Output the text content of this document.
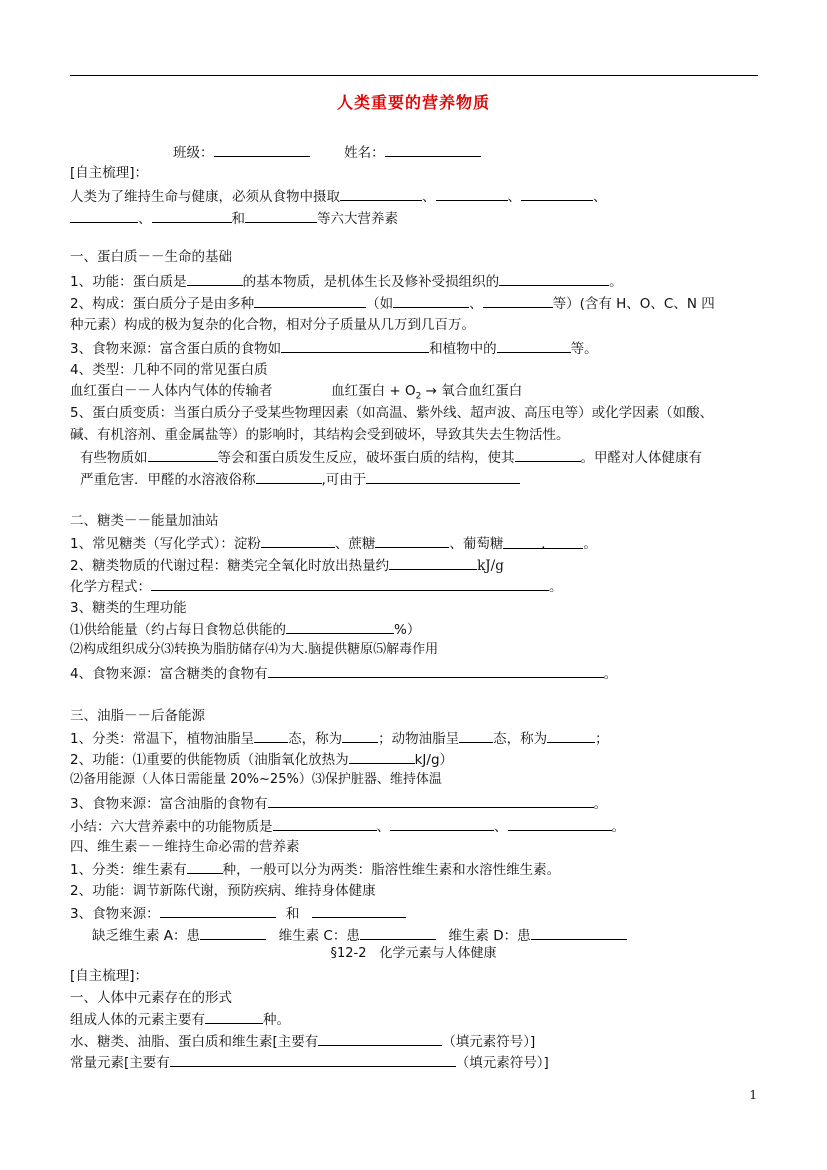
人类重要的营养物质
班级：	姓名：
[自主梳理]：
人类为了维持生命与健康，必须从食物中摄取	、	、	、
、	和	等六大营养素
一、蛋白质－－生命的基础
1、功能：蛋白质是	的基本物质，是机体生长及修补受损组织的	。
2、构成：蛋白质分子是由多种	（如	、	等）(含有 H、O、C、N 四
种元素）构成的极为复杂的化合物，相对分子质量从几万到几百万。
3、食物来源：富含蛋白质的食物如	和植物中的	等。
4、类型：几种不同的常见蛋白质
血红蛋白－－人体内气体的传输者	血红蛋白 + $O_2$ → 氧合血红蛋白
5、蛋白质变质：当蛋白质分子受某些物理因素（如高温、紫外线、超声波、高压电等）或化学因素（如酸、
碱、有机溶剂、重金属盐等）的影响时，其结构会受到破坏，导致其失去生物活性。
有些物质如	等会和蛋白质发生反应，破坏蛋白质的结构，使其	。甲醛对人体健康有
严重危害．甲醛的水溶液俗称	,可由于
二、糖类－－能量加油站
1、常见糖类（写化学式）：淀粉	、蔗糖	、葡萄糖	.	。
2、糖类物质的代谢过程：糖类完全氧化时放出热量约	kJ/g
化学方程式：	。
3、糖类的生理功能
⑴供给能量（约占每日食物总供能的	%）
⑵构成组织成分⑶转换为脂肪储存⑷为大.脑提供糖原⑸解毒作用
4、食物来源：富含糖类的食物有	。
三、油脂－－后备能源
1、分类：常温下，植物油脂呈	态，称为	；动物油脂呈	态，称为	；
2、功能：⑴重要的供能物质（油脂氧化放热为	kJ/g）
⑵备用能源（人体日需能量 20%~25%）⑶保护脏器、维持体温
3、食物来源：富含油脂的食物有	。
小结：六大营养素中的功能物质是	、	、	。
四、维生素－－维持生命必需的营养素
1、分类：维生素有	种，一般可以分为两类：脂溶性维生素和水溶性维生素。
2、功能：调节新陈代谢，预防疾病、维持身体健康
3、食物来源：	和
缺乏维生素 A：患	维生素 C：患	维生素 D：患
§12-2　化学元素与人体健康
[自主梳理]：
一、人体中元素存在的形式
组成人体的元素主要有	种。
水、糖类、油脂、蛋白质和维生素[主要有	（填元素符号）]
常量元素[主要有	（填元素符号）]
1
